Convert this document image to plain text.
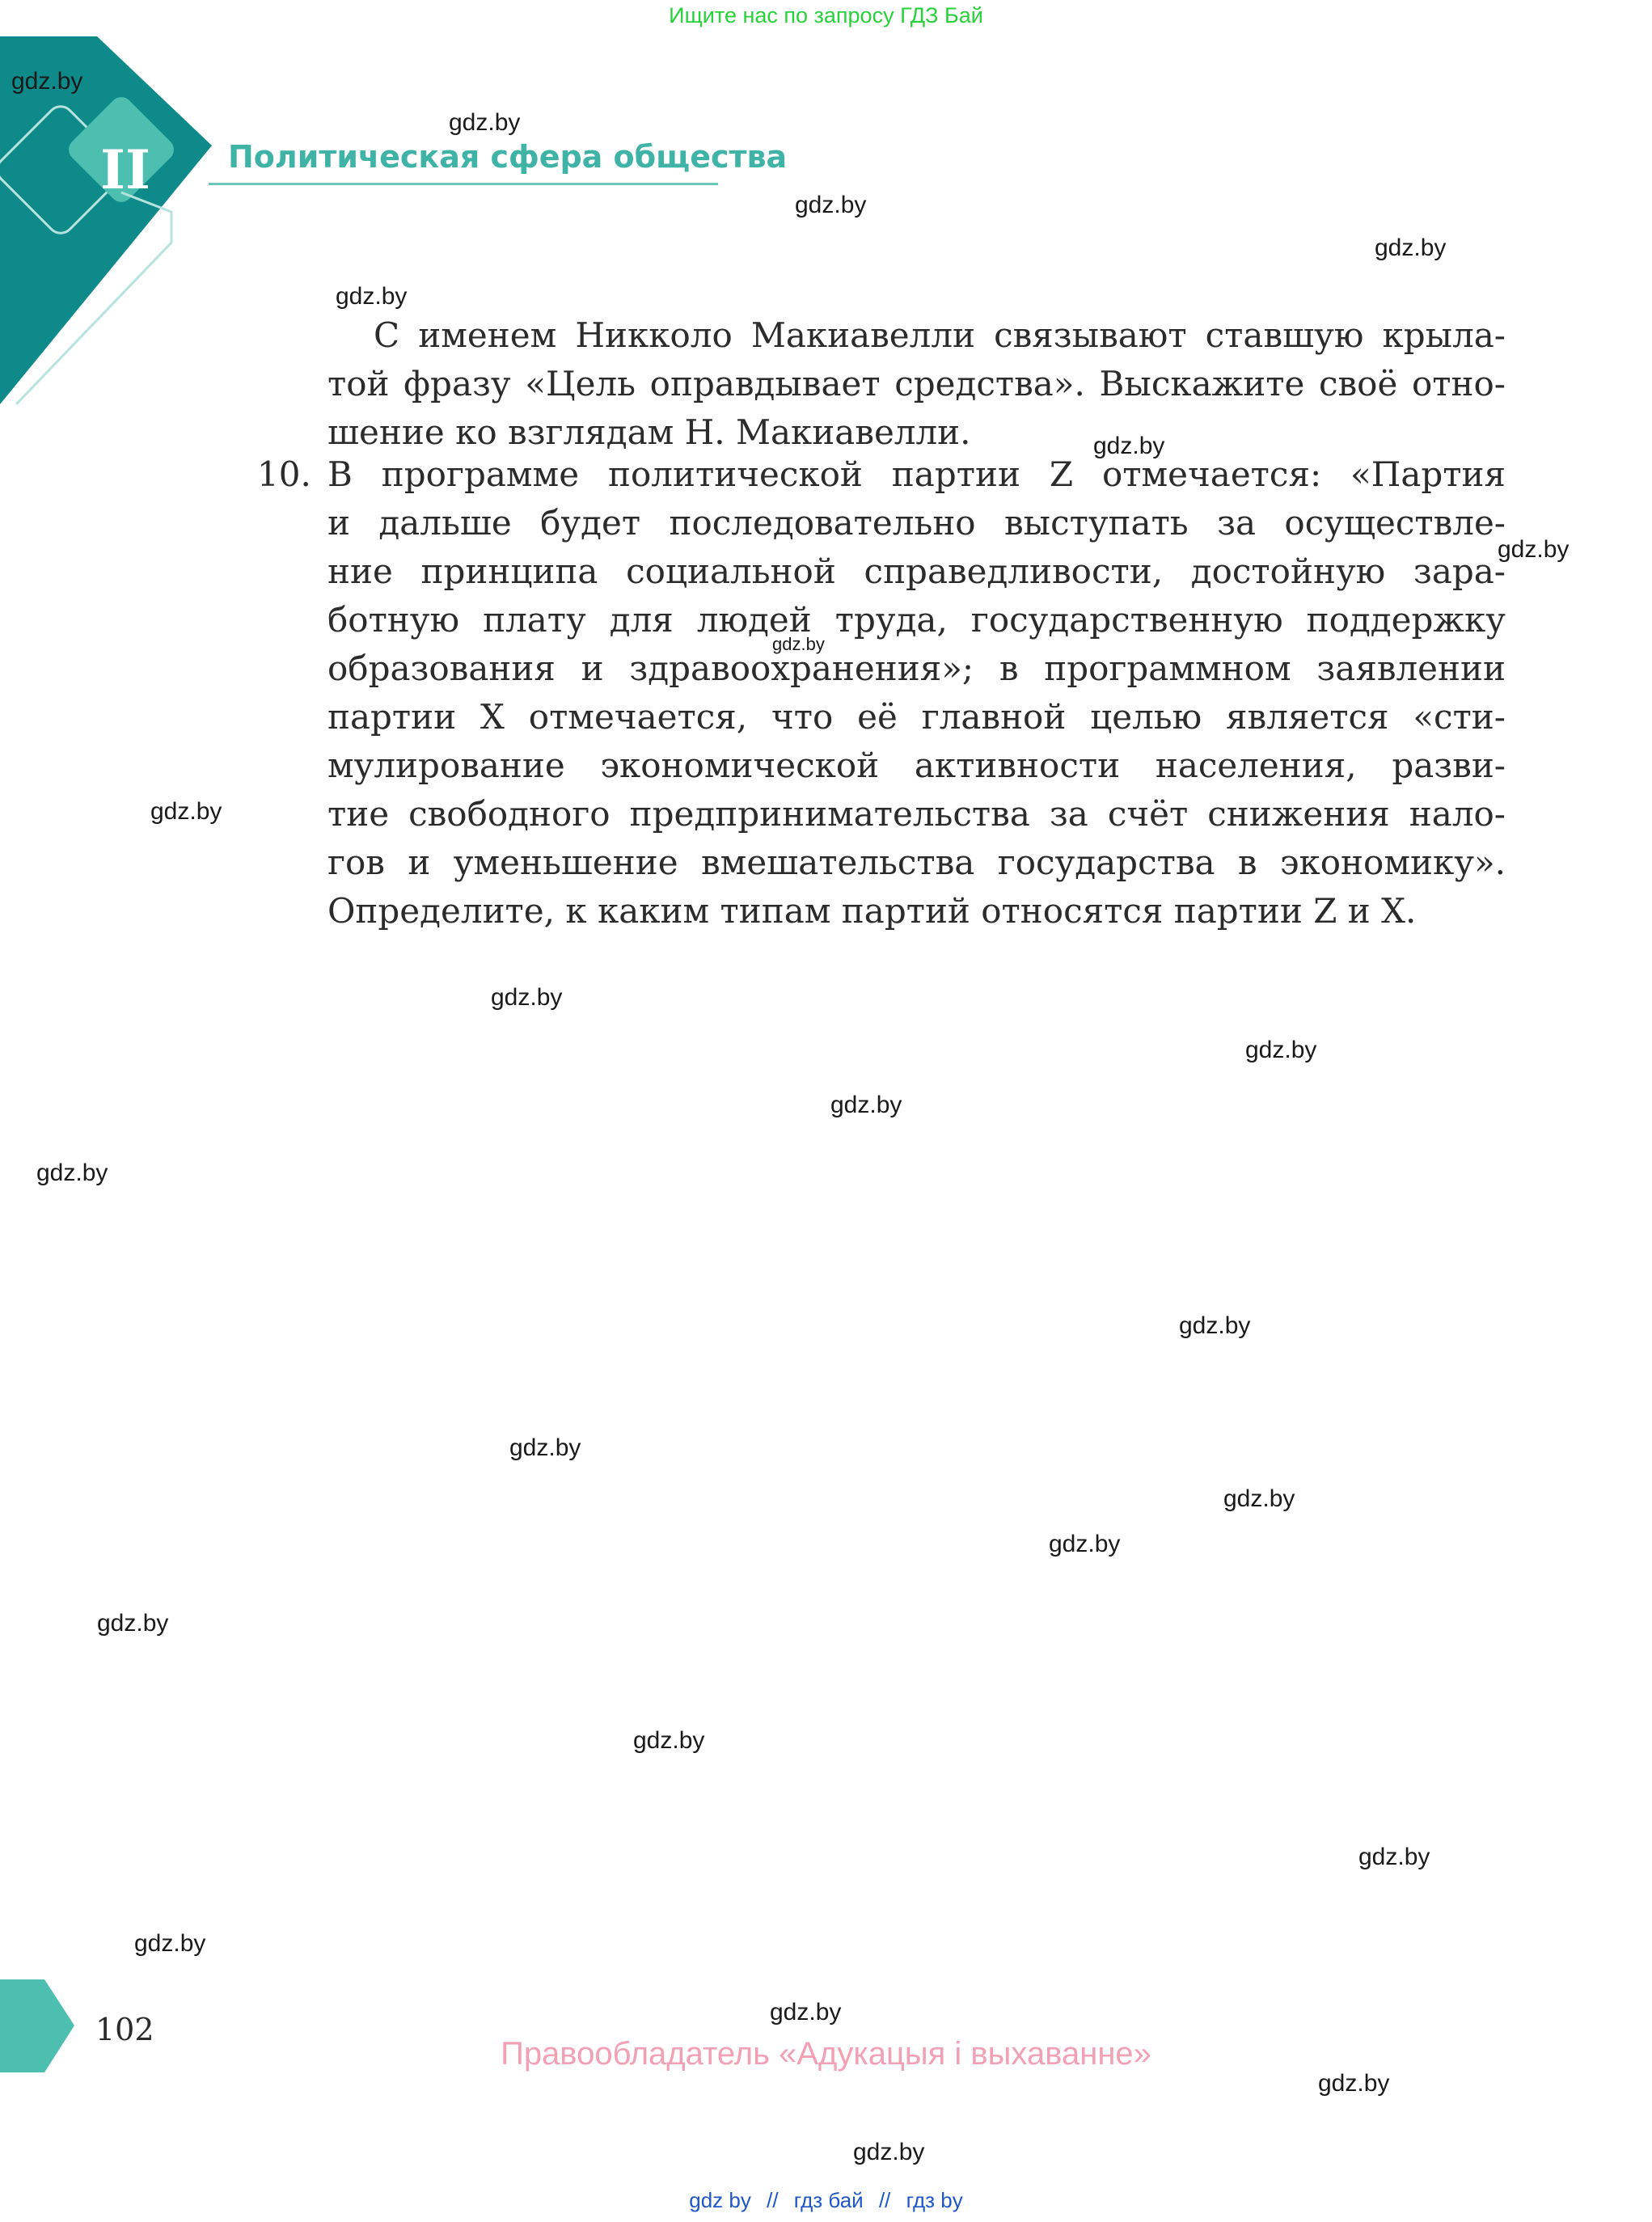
Ищите нас по запросу ГДЗ Бай
II	Политическая сфера общества
С именем Никколо Макиавелли связывают ставшую крыла-
той фразу «Цель оправдывает средства». Выскажите своё отно-
шение ко взглядам Н. Макиавелли.
10. В программе политической партии Z отмечается: «Партия
и дальше будет последовательно выступать за осуществле-
ние принципа социальной справедливости, достойную зара-
ботную плату для людей труда, государственную поддержку
образования и здравоохранения»; в программном заявлении
партии X отмечается, что её главной целью является «сти-
мулирование экономической активности населения, разви-
тие свободного предпринимательства за счёт снижения нало-
гов и уменьшение вмешательства государства в экономику».
Определите, к каким типам партий относятся партии Z и X.
gdz.by
gdz.by
gdz.by
gdz.by
gdz.by
gdz.by
gdz.by
gdz.by
gdz.by
gdz.by
gdz.by
gdz.by
gdz.by
gdz.by
gdz.by
gdz.by
gdz.by
gdz.by
gdz.by
gdz.by
gdz.by
gdz.by
gdz.by
gdz.by
102
Правообладатель «Адукацыя і выхаванне»
gdz by // гдз бай // гдз by
